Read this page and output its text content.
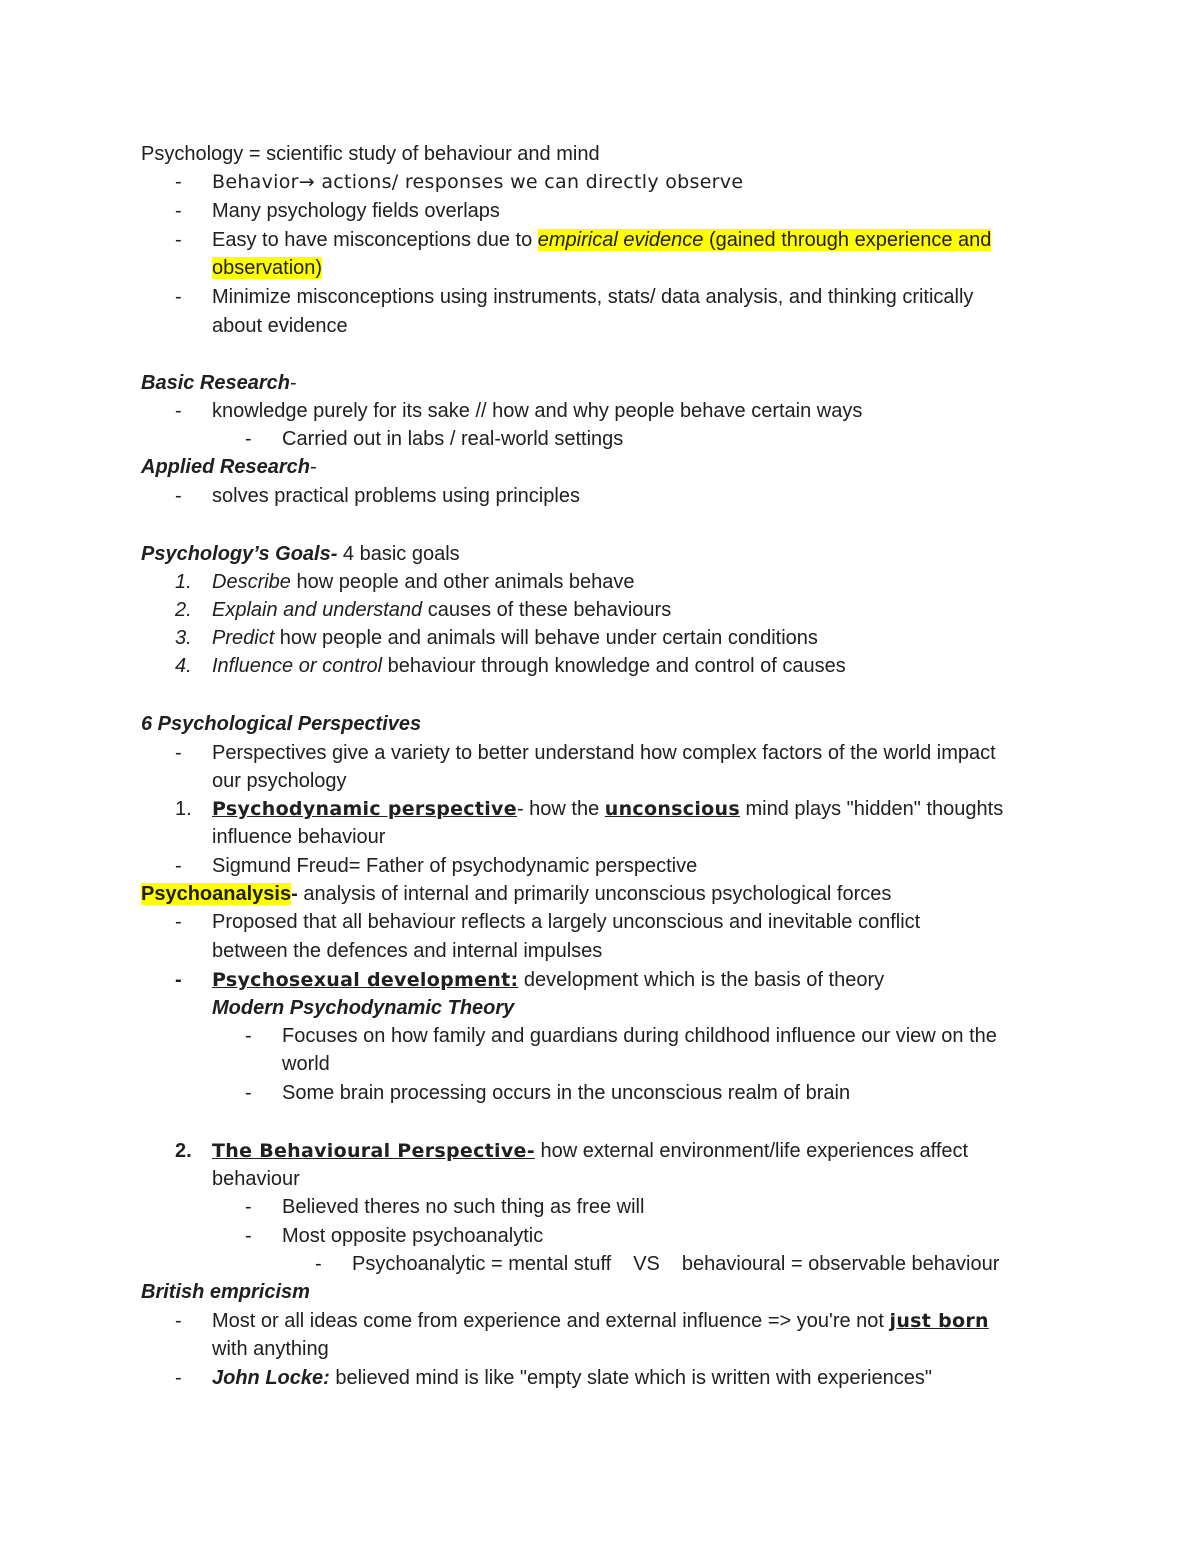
Psychology = scientific study of behaviour and mind
- Behavior→ actions/ responses we can directly observe
- Many psychology fields overlaps
- Easy to have misconceptions due to empirical evidence (gained through experience and
observation)
- Minimize misconceptions using instruments, stats/ data analysis, and thinking critically
about evidence
Basic Research-
- knowledge purely for its sake // how and why people behave certain ways
- Carried out in labs / real-world settings
Applied Research-
- solves practical problems using principles
Psychology’s Goals- 4 basic goals
1. Describe how people and other animals behave
2. Explain and understand causes of these behaviours
3. Predict how people and animals will behave under certain conditions
4. Influence or control behaviour through knowledge and control of causes
6 Psychological Perspectives
- Perspectives give a variety to better understand how complex factors of the world impact
our psychology
1. Psychodynamic perspective- how the unconscious mind plays "hidden" thoughts
influence behaviour
- Sigmund Freud= Father of psychodynamic perspective
Psychoanalysis- analysis of internal and primarily unconscious psychological forces
- Proposed that all behaviour reflects a largely unconscious and inevitable conflict
between the defences and internal impulses
- Psychosexual development: development which is the basis of theory
Modern Psychodynamic Theory
- Focuses on how family and guardians during childhood influence our view on the
world
- Some brain processing occurs in the unconscious realm of brain
2. The Behavioural Perspective- how external environment/life experiences affect
behaviour
- Believed theres no such thing as free will
- Most opposite psychoanalytic
- Psychoanalytic = mental stuff VS behavioural = observable behaviour
British empricism
- Most or all ideas come from experience and external influence => you're not just born
with anything
- John Locke: believed mind is like "empty slate which is written with experiences"
